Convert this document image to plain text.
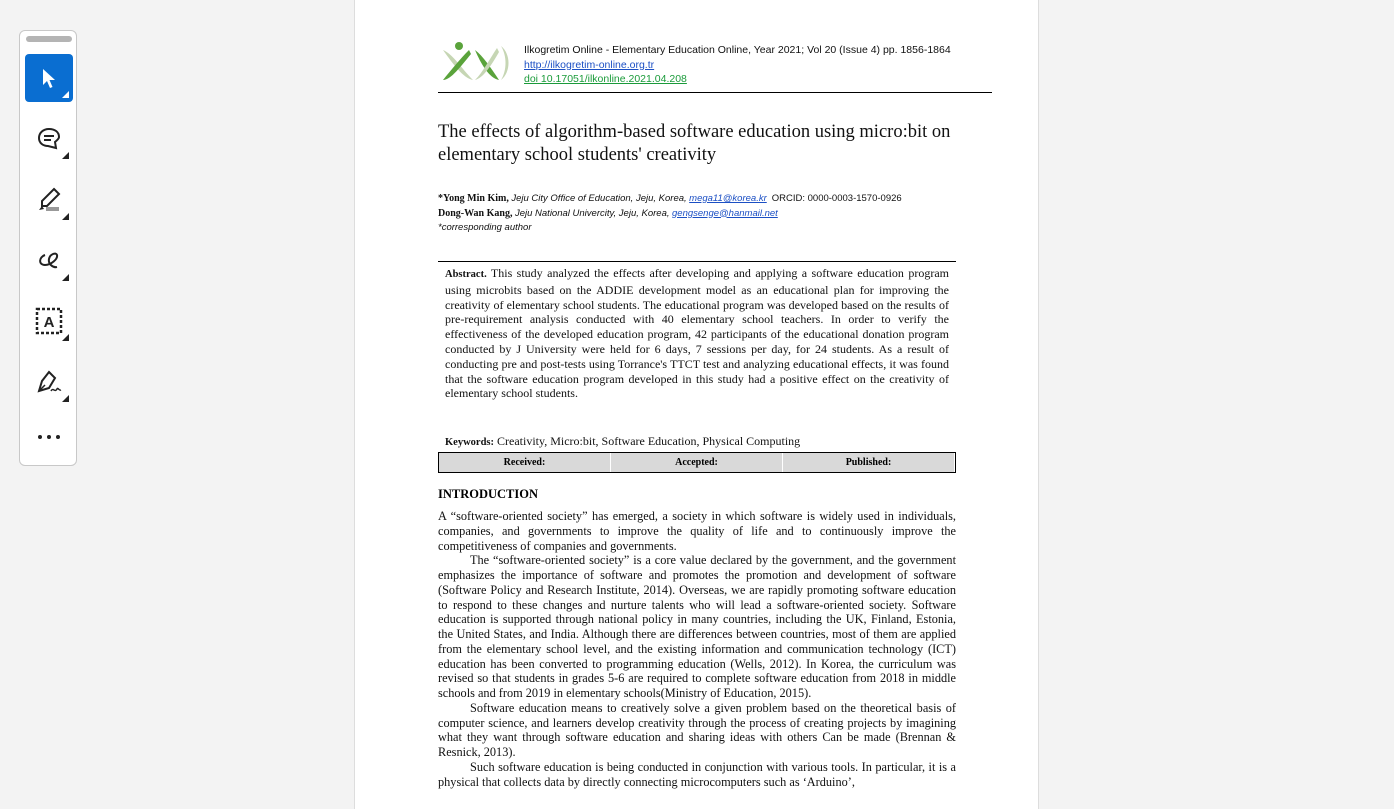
A
Ilkogretim Online - Elementary Education Online, Year 2021; Vol 20 (Issue 4) pp. 1856-1864
http://ilkogretim-online.org.tr
doi 10.17051/ilkonline.2021.04.208
The effects of algorithm-based software education using micro:bit on elementary school students' creativity
*Yong Min Kim, Jeju City Office of Education, Jeju, Korea, mega11@korea.kr ORCID: 0000-0003-1570-0926
Dong-Wan Kang, Jeju National Univercity, Jeju, Korea, gengsenge@hanmail.net
*corresponding author
Abstract. This study analyzed the effects after developing and applying a software education program using microbits based on the ADDIE development model as an educational plan for improving the creativity of elementary school students. The educational program was developed based on the results of pre-requirement analysis conducted with 40 elementary school teachers. In order to verify the effectiveness of the developed education program, 42 participants of the educational donation program conducted by J University were held for 6 days, 7 sessions per day, for 24 students. As a result of conducting pre and post-tests using Torrance's TTCT test and analyzing educational effects, it was found that the software education program developed in this study had a positive effect on the creativity of elementary school students.
Keywords: Creativity, Micro:bit, Software Education, Physical Computing
Received:	Accepted:	Published:
INTRODUCTION

A “software-oriented society” has emerged, a society in which software is widely used in individuals, companies, and governments to improve the quality of life and to continuously improve the competitiveness of companies and governments.

The “software-oriented society” is a core value declared by the government, and the government emphasizes the importance of software and promotes the promotion and development of software (Software Policy and Research Institute, 2014). Overseas, we are rapidly promoting software education to respond to these changes and nurture talents who will lead a software-oriented society. Software education is supported through national policy in many countries, including the UK, Finland, Estonia, the United States, and India. Although there are differences between countries, most of them are applied from the elementary school level, and the existing information and communication technology (ICT) education has been converted to programming education (Wells, 2012). In Korea, the curriculum was revised so that students in grades 5-6 are required to complete software education from 2018 in middle schools and from 2019 in elementary schools(Ministry of Education, 2015).

Software education means to creatively solve a given problem based on the theoretical basis of computer science, and learners develop creativity through the process of creating projects by imagining what they want through software education and sharing ideas with others Can be made (Brennan & Resnick, 2013).

Such software education is being conducted in conjunction with various tools. In particular, it is a physical that collects data by directly connecting microcomputers such as ‘Arduino’,
